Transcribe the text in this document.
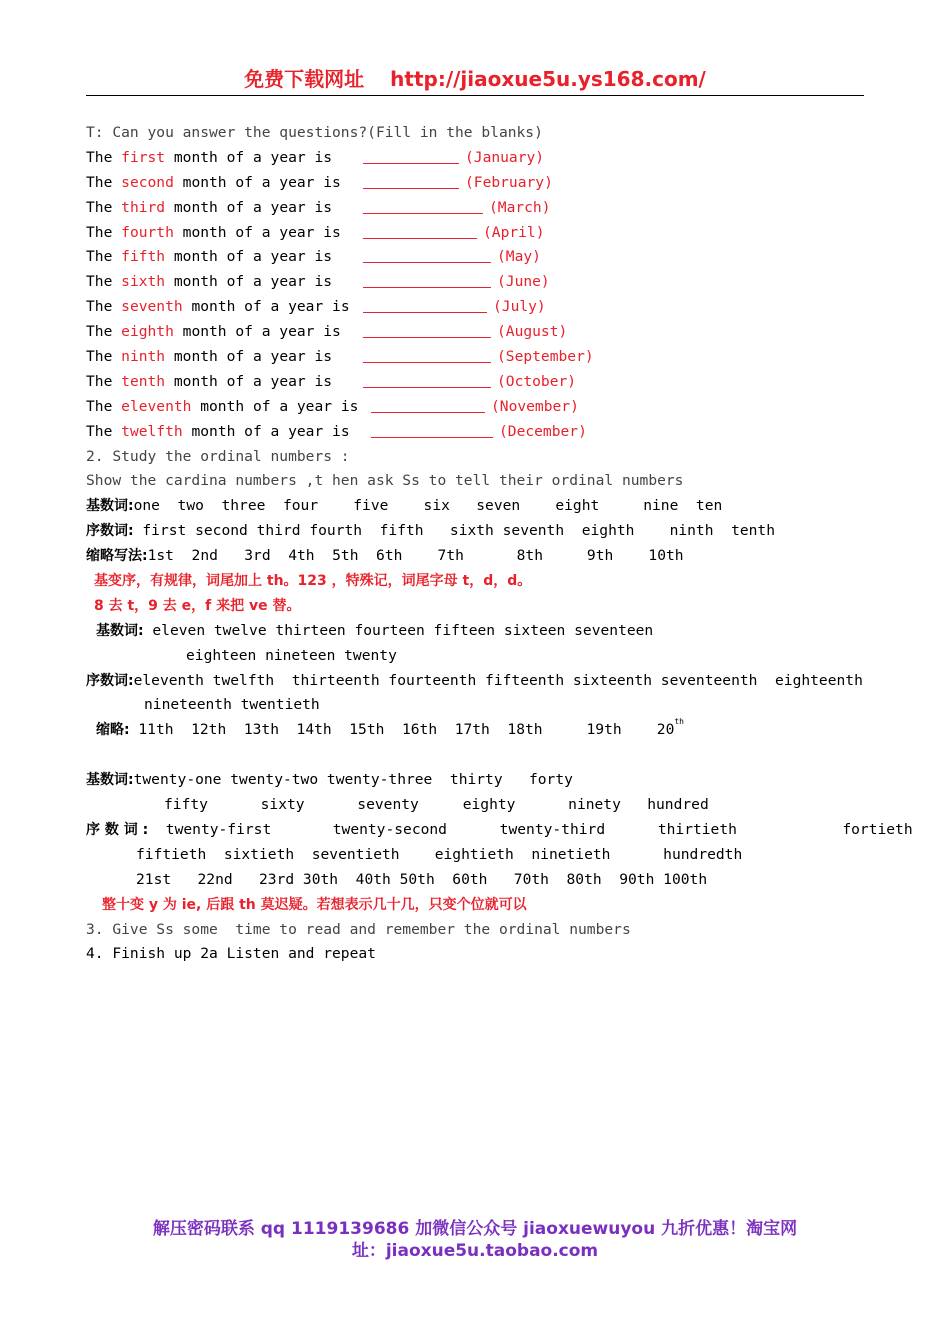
免费下载网址 http://jiaoxue5u.ys168.com/
T: Can you answer the questions?(Fill in the blanks)
The first month of a year is	(January)
The second month of a year is	(February)
The third month of a year is	(March)
The fourth month of a year is	(April)
The fifth month of a year is	(May)
The sixth month of a year is	(June)
The seventh month of a year is	(July)
The eighth month of a year is	(August)
The ninth month of a year is	(September)
The tenth month of a year is	(October)
The eleventh month of a year is	(November)
The twelfth month of a year is	(December)
2. Study the ordinal numbers :
Show the cardina numbers ,t hen ask Ss to tell their ordinal numbers
基数词:one  two  three  four    five    six   seven    eight     nine  ten
序数词: first second third fourth  fifth   sixth seventh  eighth    ninth  tenth
缩略写法:1st  2nd   3rd  4th  5th  6th    7th      8th     9th    10th
基变序，有规律，词尾加上 th。123 ，特殊记，词尾字母 t，d，d。
8 去 t，9 去 e，f 来把 ve 替。
基数词: eleven twelve thirteen fourteen fifteen sixteen seventeen
eighteen nineteen twenty
序数词:eleventh twelfth  thirteenth fourteenth fifteenth sixteenth seventeenth  eighteenth
nineteenth twentieth
缩略: 11th  12th  13th  14th  15th  16th  17th  18th     19th    20th
基数词:twenty-one twenty-two twenty-three  thirty   forty
fifty      sixty      seventy     eighty      ninety   hundred
序 数 词 :  twenty-first       twenty-second      twenty-third      thirtieth            fortieth
fiftieth  sixtieth  seventieth    eightieth  ninetieth      hundredth
21st   22nd   23rd 30th  40th 50th  60th   70th  80th  90th 100th
整十变 y 为 ie, 后跟 th 莫迟疑。若想表示几十几，只变个位就可以
3. Give Ss some  time to read and remember the ordinal numbers
4. Finish up 2a Listen and repeat
解压密码联系 qq 1119139686 加微信公众号 jiaoxuewuyou 九折优惠！淘宝网
址：jiaoxue5u.taobao.com
